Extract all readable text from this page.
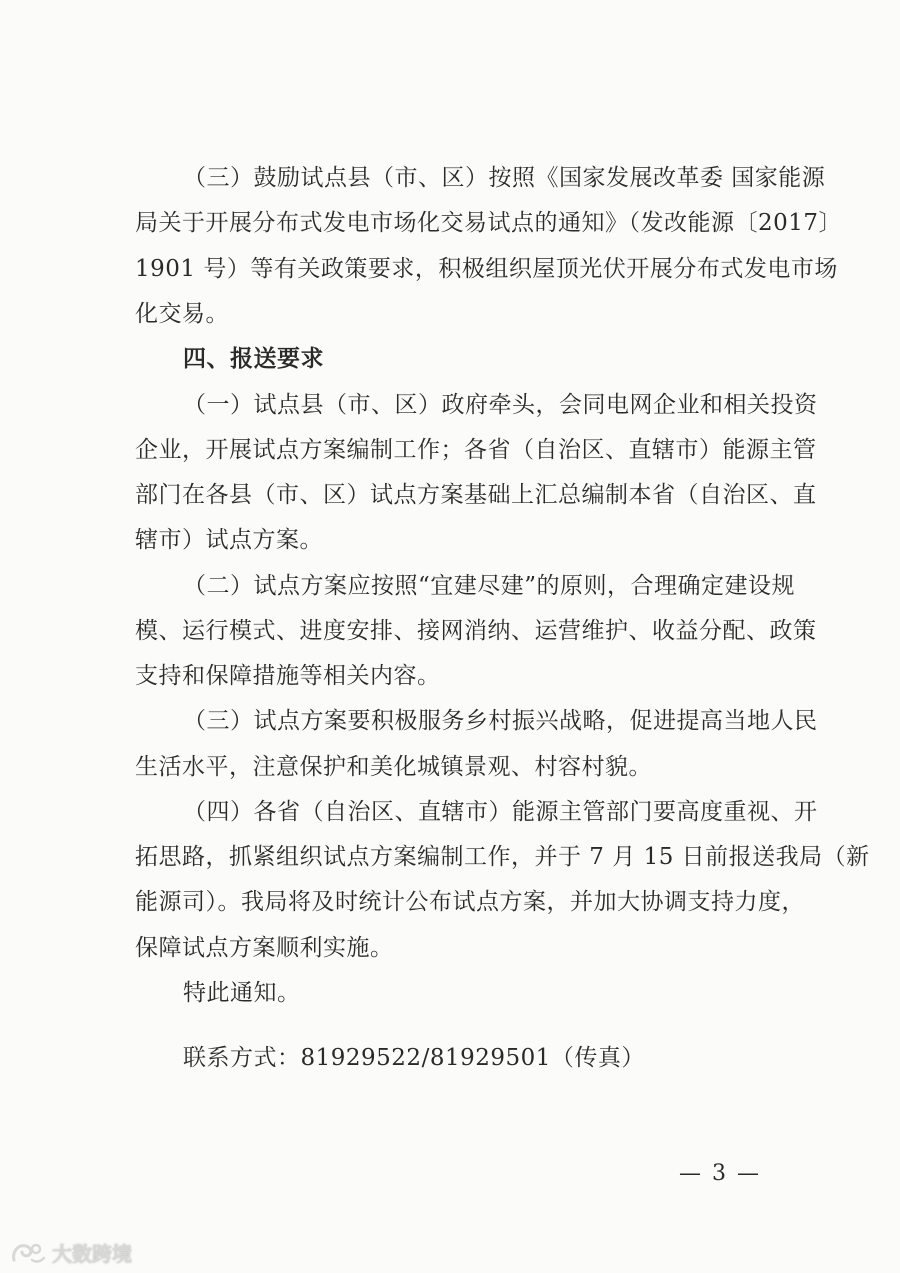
（三）鼓励试点县（市、区）按照《国家发展改革委 国家能源
局关于开展分布式发电市场化交易试点的通知》（发改能源〔2017〕
1901 号）等有关政策要求，积极组织屋顶光伏开展分布式发电市场
化交易。
四、报送要求
（一）试点县（市、区）政府牵头，会同电网企业和相关投资
企业，开展试点方案编制工作；各省（自治区、直辖市）能源主管
部门在各县（市、区）试点方案基础上汇总编制本省（自治区、直
辖市）试点方案。
（二）试点方案应按照“宜建尽建”的原则，合理确定建设规
模、运行模式、进度安排、接网消纳、运营维护、收益分配、政策
支持和保障措施等相关内容。
（三）试点方案要积极服务乡村振兴战略，促进提高当地人民
生活水平，注意保护和美化城镇景观、村容村貌。
（四）各省（自治区、直辖市）能源主管部门要高度重视、开
拓思路，抓紧组织试点方案编制工作，并于 7 月 15 日前报送我局（新
能源司）。我局将及时统计公布试点方案，并加大协调支持力度，
保障试点方案顺利实施。
特此通知。
联系方式：81929522/81929501（传真）
— 3 —
大数跨境
